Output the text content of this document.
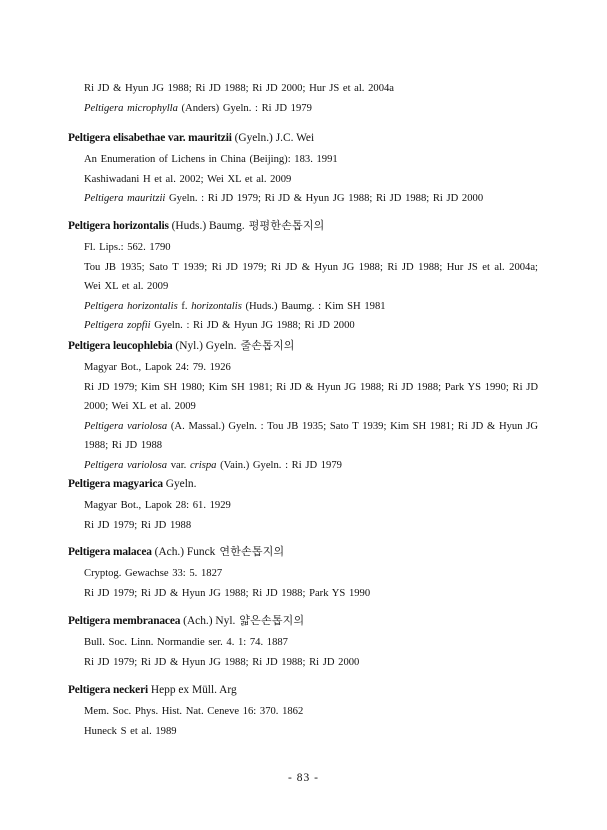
Ri JD & Hyun JG 1988; Ri JD 1988; Ri JD 2000; Hur JS et al. 2004a
Peltigera microphylla (Anders) Gyeln. : Ri JD 1979
Peltigera elisabethae var. mauritzii (Gyeln.) J.C. Wei
An Enumeration of Lichens in China (Beijing): 183. 1991
Kashiwadani H et al. 2002; Wei XL et al. 2009
Peltigera mauritzii Gyeln. : Ri JD 1979; Ri JD & Hyun JG 1988; Ri JD 1988; Ri JD 2000
Peltigera horizontalis (Huds.) Baumg. 평평한손톱지의
Fl. Lips.: 562. 1790
Tou JB 1935; Sato T 1939; Ri JD 1979; Ri JD & Hyun JG 1988; Ri JD 1988; Hur JS et al. 2004a; Wei XL et al. 2009
Peltigera horizontalis f. horizontalis (Huds.) Baumg. : Kim SH 1981
Peltigera zopfii Gyeln. : Ri JD & Hyun JG 1988; Ri JD 2000
Peltigera leucophlebia (Nyl.) Gyeln. 줄손톱지의
Magyar Bot., Lapok 24: 79. 1926
Ri JD 1979; Kim SH 1980; Kim SH 1981; Ri JD & Hyun JG 1988; Ri JD 1988; Park YS 1990; Ri JD 2000; Wei XL et al. 2009
Peltigera variolosa (A. Massal.) Gyeln. : Tou JB 1935; Sato T 1939; Kim SH 1981; Ri JD & Hyun JG 1988; Ri JD 1988
Peltigera variolosa var. crispa (Vain.) Gyeln. : Ri JD 1979
Peltigera magyarica Gyeln.
Magyar Bot., Lapok 28: 61. 1929
Ri JD 1979; Ri JD 1988
Peltigera malacea (Ach.) Funck 연한손톱지의
Cryptog. Gewachse 33: 5. 1827
Ri JD 1979; Ri JD & Hyun JG 1988; Ri JD 1988; Park YS 1990
Peltigera membranacea (Ach.) Nyl. 얇은손톱지의
Bull. Soc. Linn. Normandie ser. 4. 1: 74. 1887
Ri JD 1979; Ri JD & Hyun JG 1988; Ri JD 1988; Ri JD 2000
Peltigera neckeri Hepp ex Müll. Arg
Mem. Soc. Phys. Hist. Nat. Ceneve 16: 370. 1862
Huneck S et al. 1989
- 83 -
